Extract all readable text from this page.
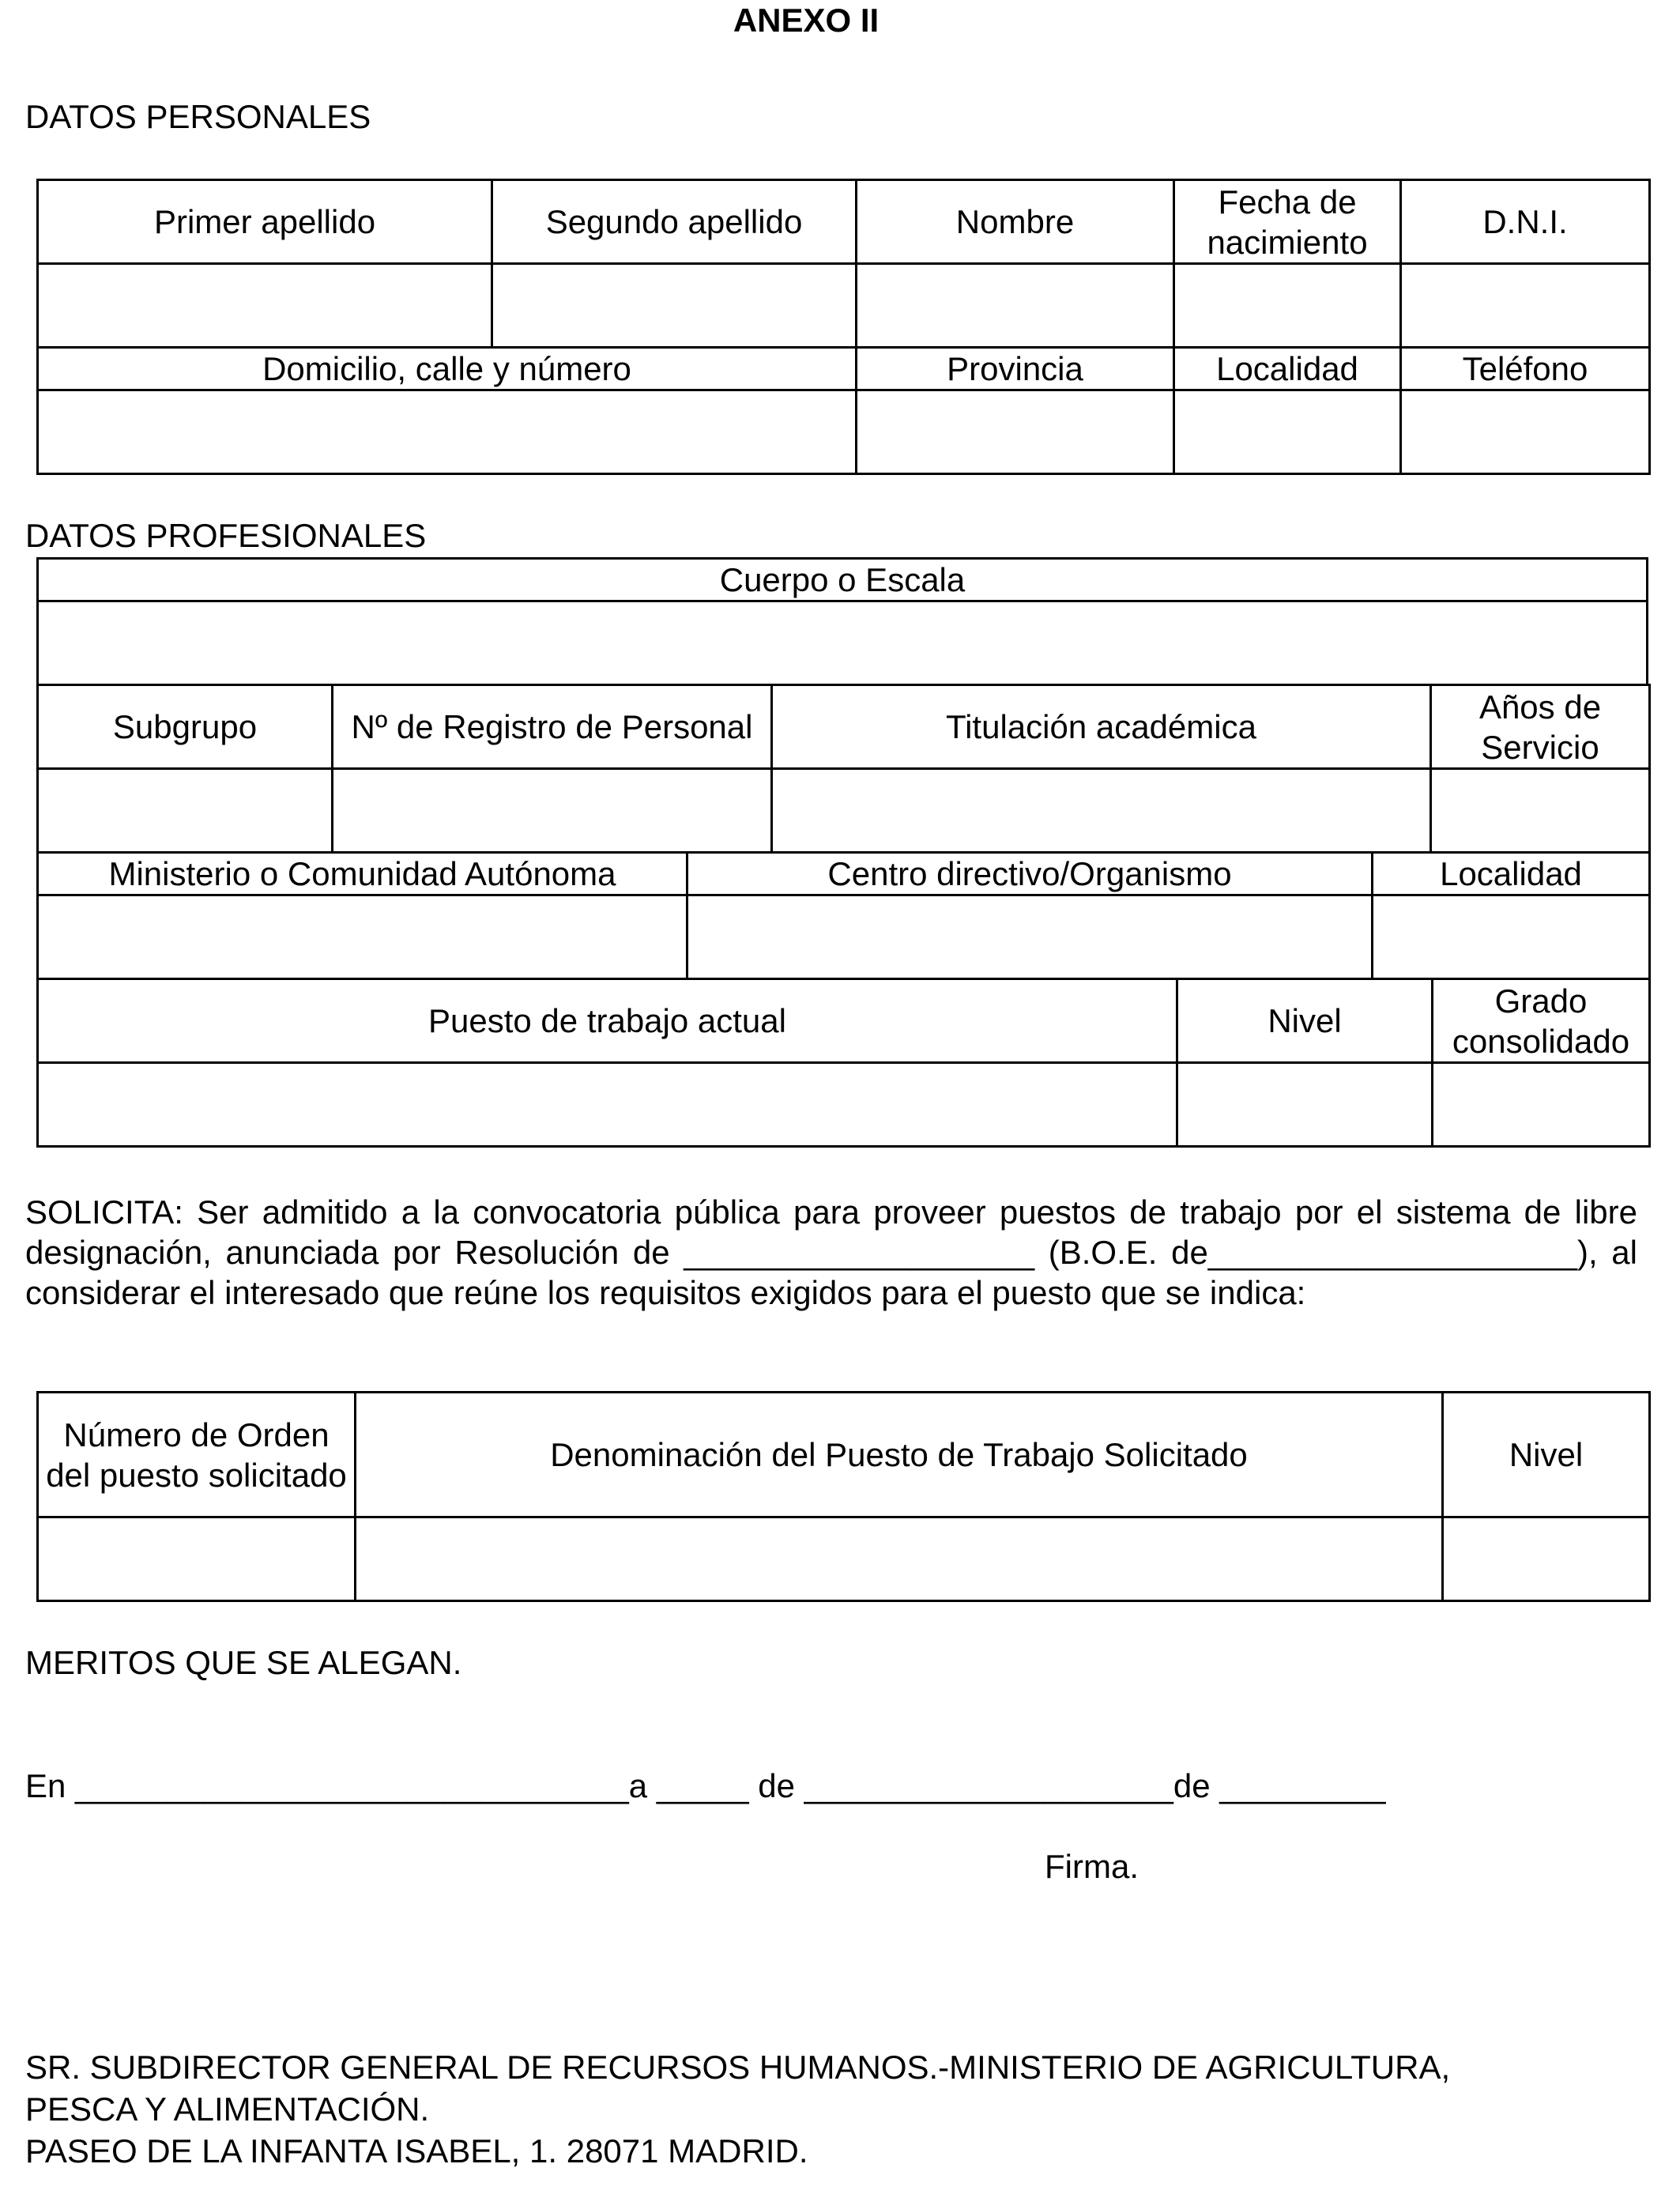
ANEXO II
DATOS PERSONALES
Primer apellido	Segundo apellido	Nombre	Fecha de nacimiento	D.N.I.

Domicilio, calle y número		Provincia	Localidad	Teléfono

DATOS PROFESIONALES
Cuerpo o Escala

Subgrupo	Nº de Registro de Personal	Titulación académica	Años de Servicio

Ministerio o Comunidad Autónoma	Centro directivo/Organismo	Localidad

Puesto de trabajo actual	Nivel	Grado consolidado

SOLICITA: Ser admitido a la convocatoria pública para proveer puestos de trabajo por el sistema de libre designación, anunciada por Resolución de ___________________ (B.O.E. de____________________), al considerar el interesado que reúne los requisitos exigidos para el puesto que se indica:
Número de Orden del puesto solicitado	Denominación del Puesto de Trabajo Solicitado	Nivel

MERITOS QUE SE ALEGAN.
En ______________________________a _____ de ____________________de _________
Firma.
SR. SUBDIRECTOR GENERAL DE RECURSOS HUMANOS.-MINISTERIO DE AGRICULTURA,
PESCA Y ALIMENTACIÓN.
PASEO DE LA INFANTA ISABEL, 1. 28071 MADRID.
